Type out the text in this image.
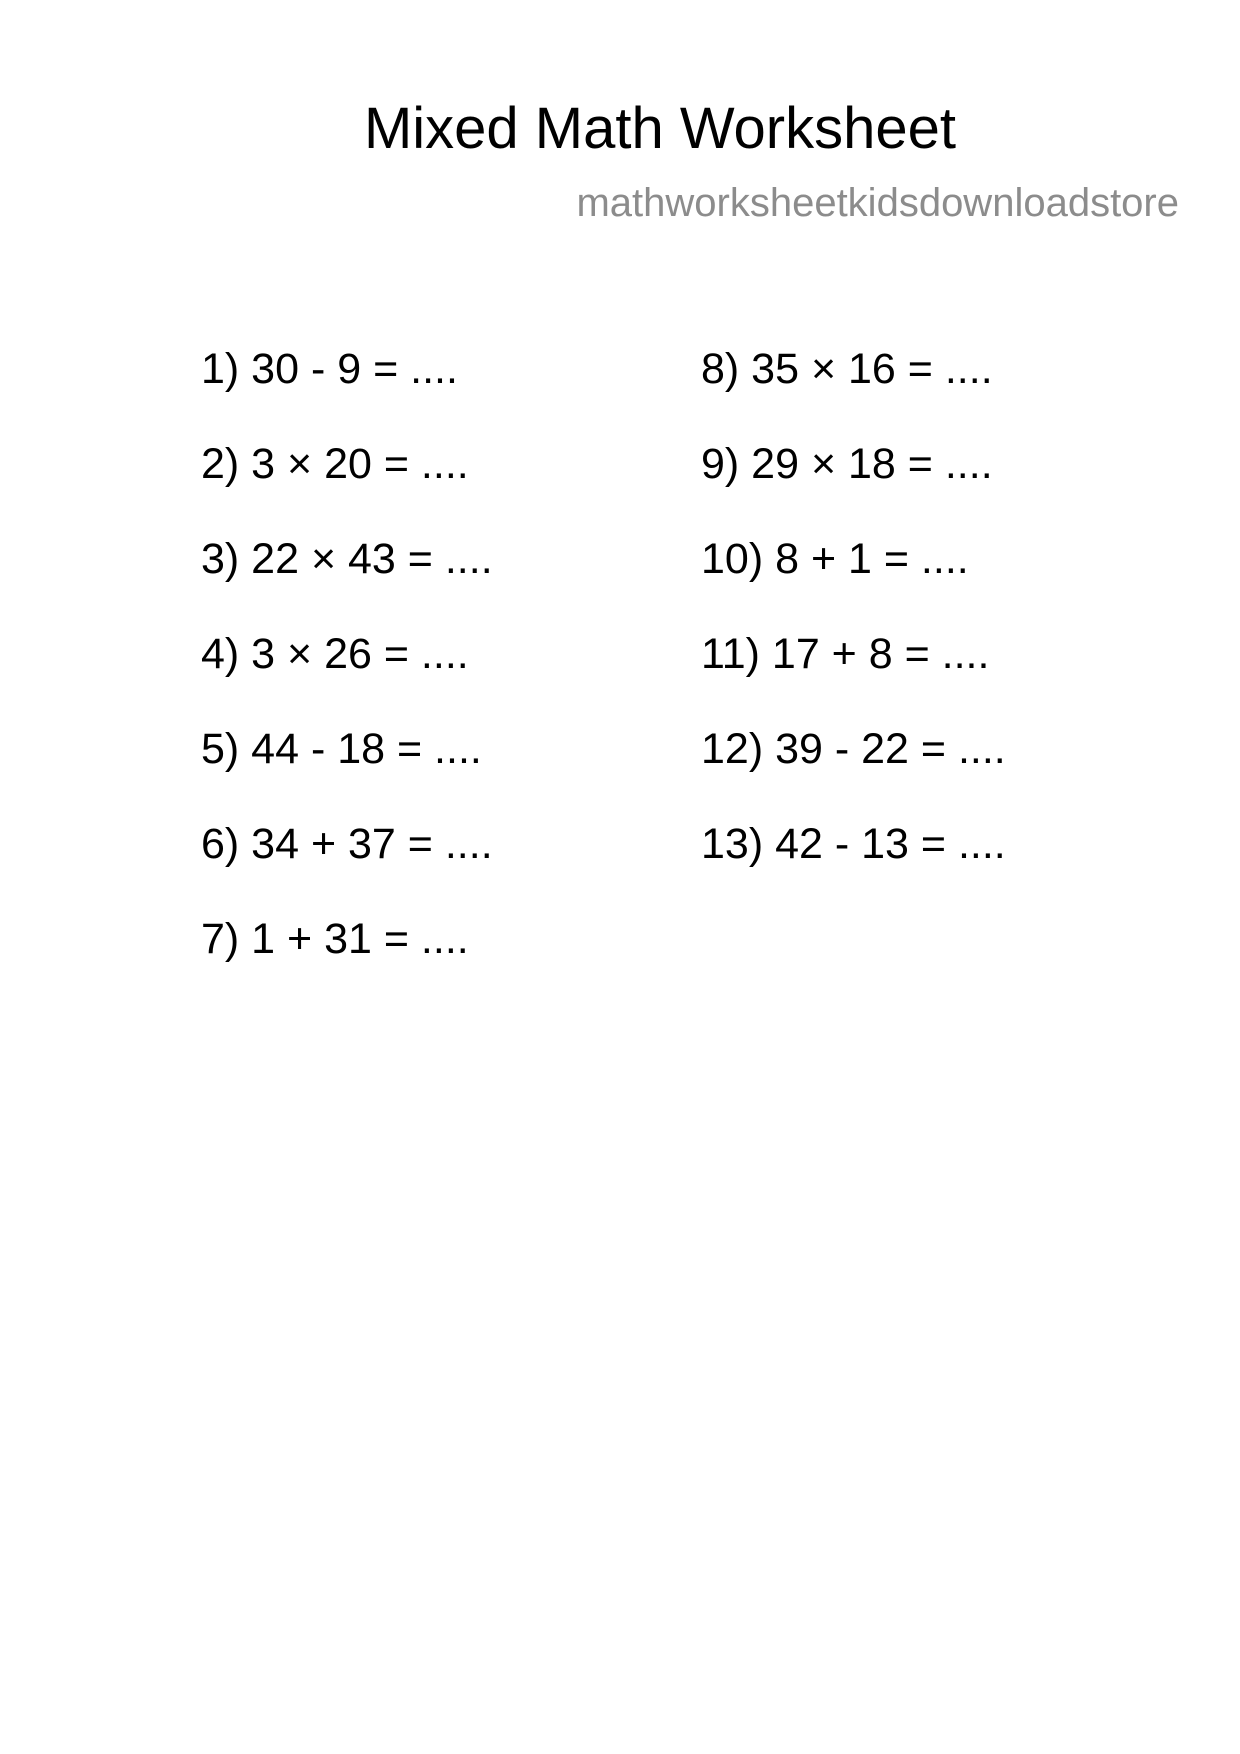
Mixed Math Worksheet
mathworksheetkidsdownloadstore
1) 30 - 9 = ....
2) 3 × 20 = ....
3) 22 × 43 = ....
4) 3 × 26 = ....
5) 44 - 18 = ....
6) 34 + 37 = ....
7) 1 + 31 = ....
8) 35 × 16 = ....
9) 29 × 18 = ....
10) 8 + 1 = ....
11) 17 + 8 = ....
12) 39 - 22 = ....
13) 42 - 13 = ....
